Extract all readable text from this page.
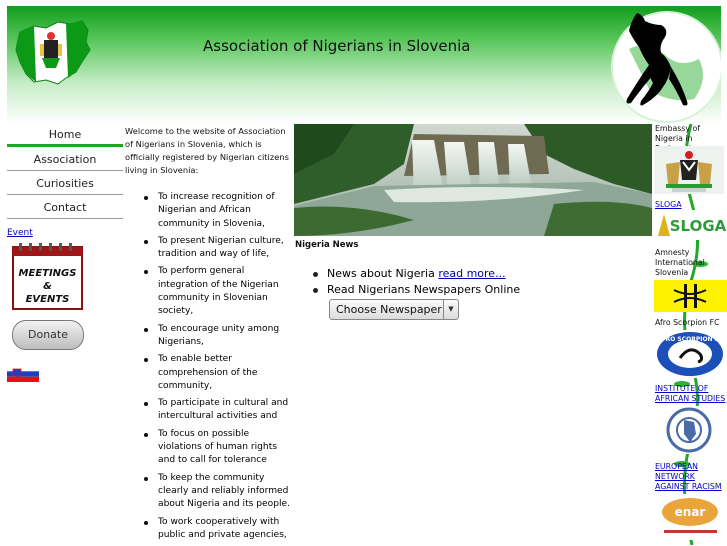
Association of Nigerians in Slovenia
Home
Association
Curiosities
Contact
Event
MEETINGS
&
EVENTS
Donate
Welcome to the website of Association of Nigerians in Slovenia, which is officially registered by Nigerian citizens living in Slovenia:
To increase recognition of Nigerian and African community in Slovenia,
To present Nigerian culture, tradition and way of life,
To perform general integration of the Nigerian community in Slovenian society,
To encourage unity among Nigerians,
To enable better comprehension of the community,
To participate in cultural and intercultural activities and
To focus on possible violations of human rights and to call for tolerance
To keep the community clearly and reliably informed about Nigeria and its people.
To work cooperatively with public and private agencies,
Nigeria News
News about Nigeria read more...
Read Nigerians Newspapers Online
Choose Newspaper ▼
Embassy of Nigeria in
SLOGA
SLOGA
Amnesty International Slovenia
Afro Scorpion FC
AFRO SCORPION FC
INSTITUTE OF AFRICAN STUDIES
EUROPEAN NETWORK AGAINST RACISM
enar
